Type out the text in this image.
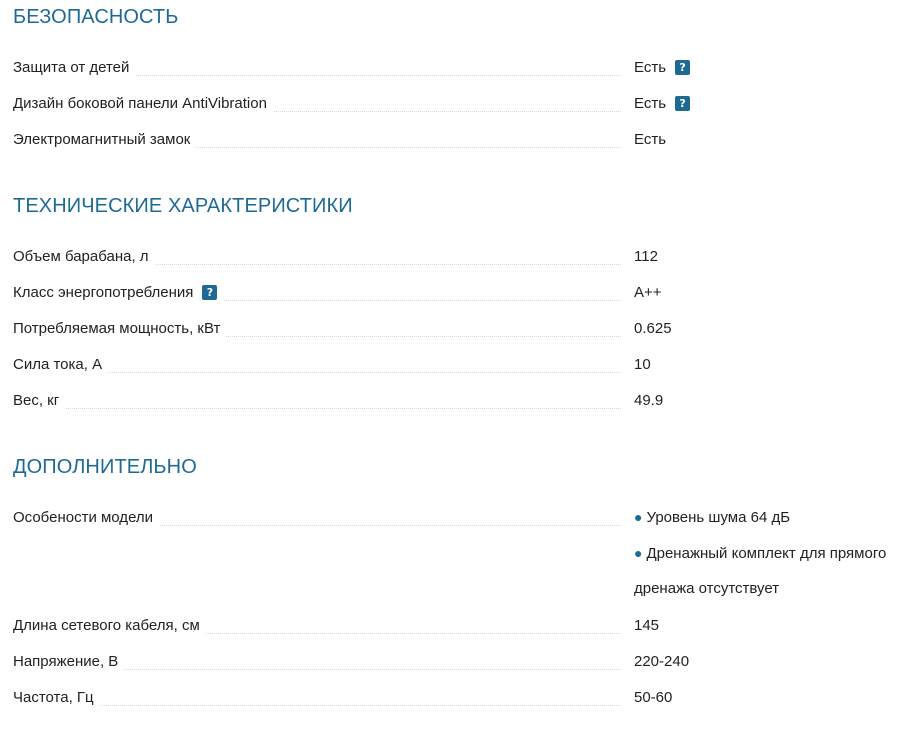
БЕЗОПАСНОСТЬ
Защита от детей	Есть	?
Дизайн боковой панели AntiVibration	Есть	?
Электромагнитный замок	Есть
ТЕХНИЧЕСКИЕ ХАРАКТЕРИСТИКИ
Объем барабана, л	112
Класс энергопотребления	?	A++
Потребляемая мощность, кВт	0.625
Сила тока, А	10
Вес, кг	49.9
ДОПОЛНИТЕЛЬНО
Особености модели	● Уровень шума 64 дБ
● Дренажный комплект для прямого
дренажа отсутствует
Длина сетевого кабеля, см	145
Напряжение, В	220-240
Частота, Гц	50-60
